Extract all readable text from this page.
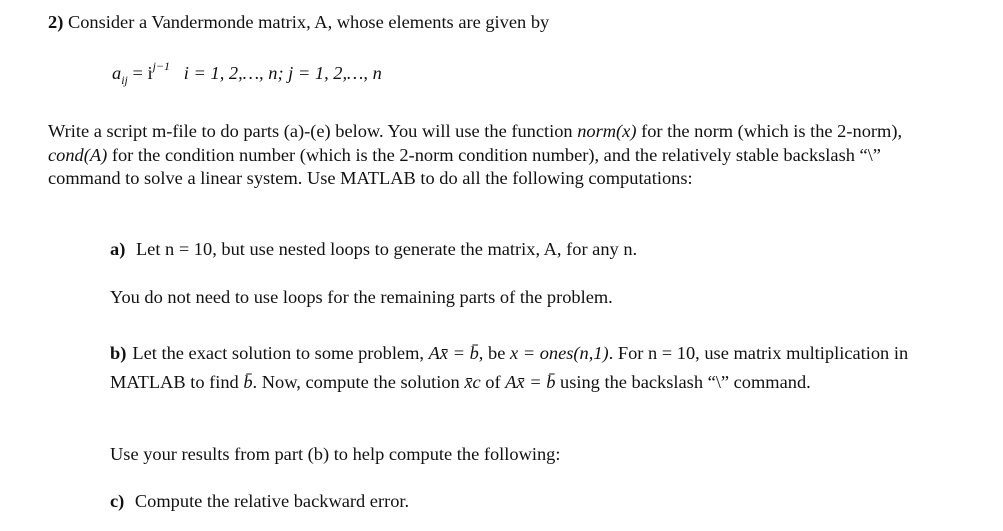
2) Consider a Vandermonde matrix, A, whose elements are given by
$a_{ij} = i^{j-1}$ i = 1, 2,…, n; j = 1, 2,…, n
Write a script m-file to do parts (a)-(e) below. You will use the function norm(x) for the norm (which is the 2-norm), cond(A) for the condition number (which is the 2-norm condition number), and the relatively stable backslash “\” command to solve a linear system. Use MATLAB to do all the following computations:
a) Let n = 10, but use nested loops to generate the matrix, A, for any n.
You do not need to use loops for the remaining parts of the problem.
b) Let the exact solution to some problem, Ax̄ = b̄, be x = ones(n,1). For n = 10, use matrix multiplication in MATLAB to find b̄. Now, compute the solution x̄c of Ax̄ = b̄ using the backslash “\” command.
Use your results from part (b) to help compute the following:
c) Compute the relative backward error.
